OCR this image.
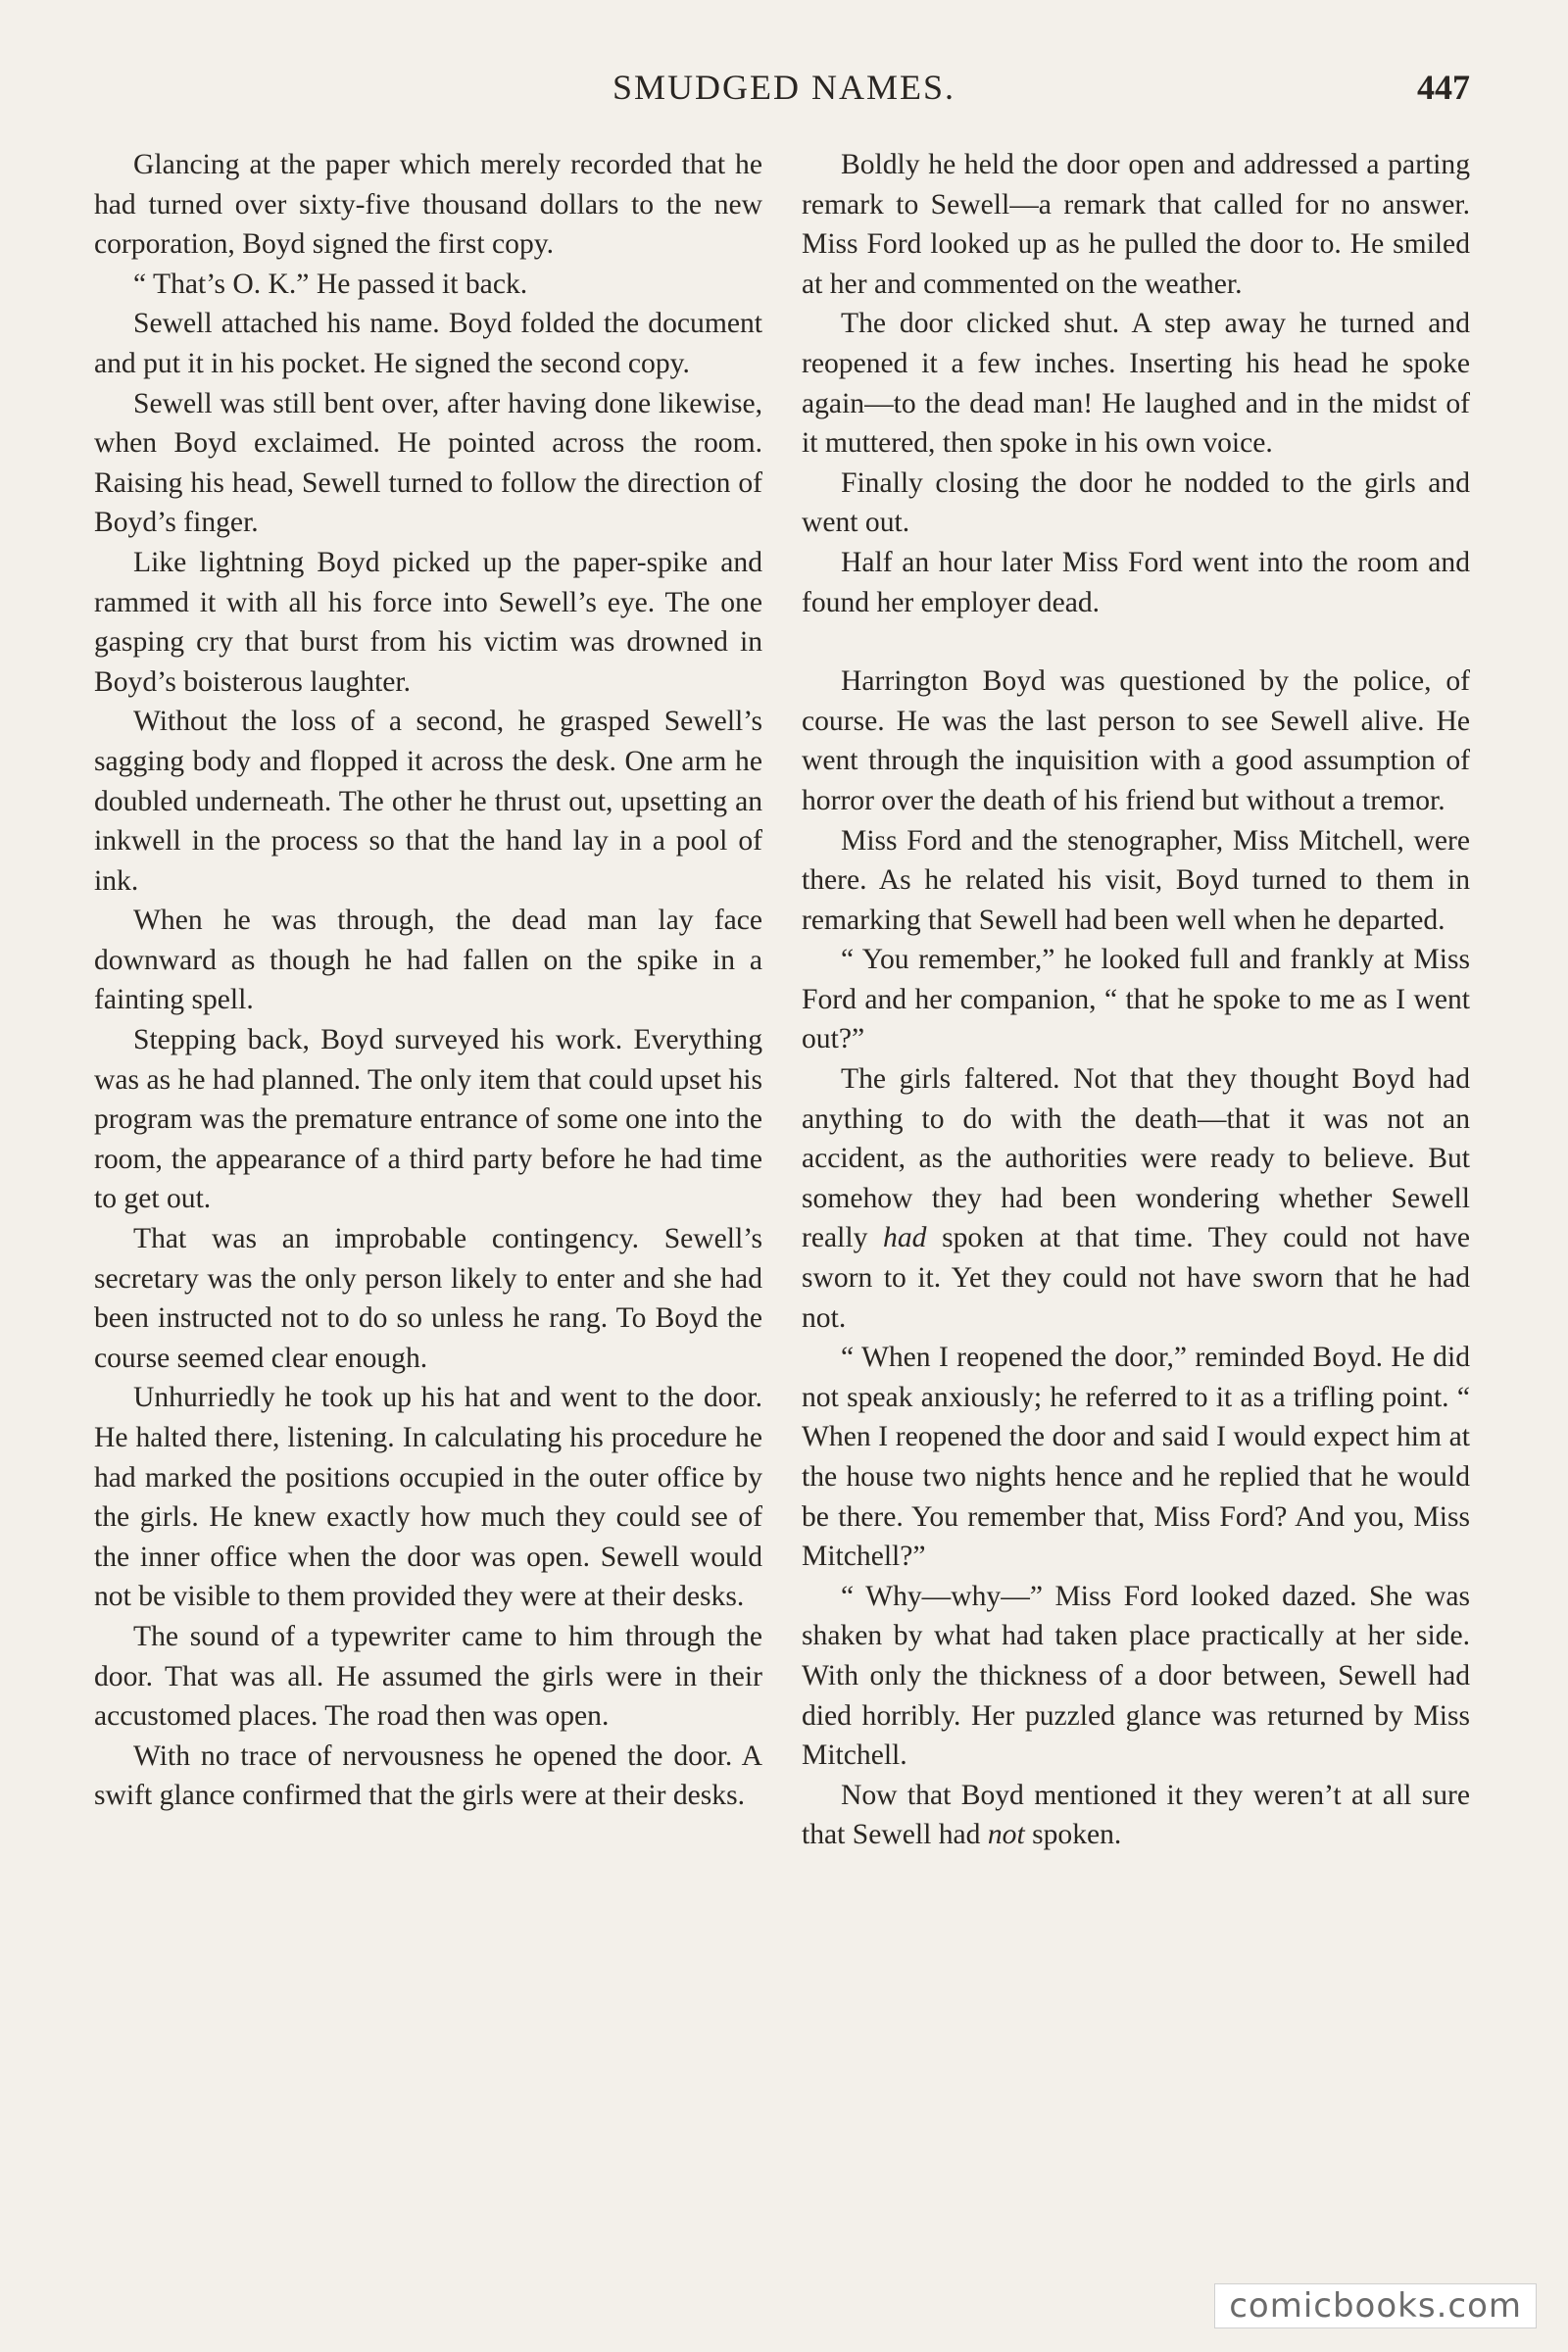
SMUDGED NAMES.	447

Glancing at the paper which merely recorded that he had turned over sixty-five thousand dollars to the new corporation, Boyd signed the first copy.

“ That’s O. K.” He passed it back.

Sewell attached his name. Boyd folded the document and put it in his pocket. He signed the second copy.

Sewell was still bent over, after having done likewise, when Boyd exclaimed. He pointed across the room. Raising his head, Sewell turned to follow the direction of Boyd’s finger.

Like lightning Boyd picked up the paper-spike and rammed it with all his force into Sewell’s eye. The one gasping cry that burst from his victim was drowned in Boyd’s boisterous laughter.

Without the loss of a second, he grasped Sewell’s sagging body and flopped it across the desk. One arm he doubled underneath. The other he thrust out, upsetting an inkwell in the process so that the hand lay in a pool of ink.

When he was through, the dead man lay face downward as though he had fallen on the spike in a fainting spell.

Stepping back, Boyd surveyed his work. Everything was as he had planned. The only item that could upset his program was the premature entrance of some one into the room, the appearance of a third party before he had time to get out.

That was an improbable contingency. Sewell’s secretary was the only person likely to enter and she had been instructed not to do so unless he rang. To Boyd the course seemed clear enough.

Unhurriedly he took up his hat and went to the door. He halted there, listening. In calculating his procedure he had marked the positions occupied in the outer office by the girls. He knew exactly how much they could see of the inner office when the door was open. Sewell would not be visible to them provided they were at their desks.

The sound of a typewriter came to him through the door. That was all. He assumed the girls were in their accustomed places. The road then was open.

With no trace of nervousness he opened the door. A swift glance confirmed that the girls were at their desks.

Boldly he held the door open and addressed a parting remark to Sewell—a remark that called for no answer. Miss Ford looked up as he pulled the door to. He smiled at her and commented on the weather.

The door clicked shut. A step away he turned and reopened it a few inches. Inserting his head he spoke again—to the dead man! He laughed and in the midst of it muttered, then spoke in his own voice.

Finally closing the door he nodded to the girls and went out.

Half an hour later Miss Ford went into the room and found her employer dead.

Harrington Boyd was questioned by the police, of course. He was the last person to see Sewell alive. He went through the inquisition with a good assumption of horror over the death of his friend but without a tremor.

Miss Ford and the stenographer, Miss Mitchell, were there. As he related his visit, Boyd turned to them in remarking that Sewell had been well when he departed.

“ You remember,” he looked full and frankly at Miss Ford and her companion, “ that he spoke to me as I went out?”

The girls faltered. Not that they thought Boyd had anything to do with the death—that it was not an accident, as the authorities were ready to believe. But somehow they had been wondering whether Sewell really had spoken at that time. They could not have sworn to it. Yet they could not have sworn that he had not.

“ When I reopened the door,” reminded Boyd. He did not speak anxiously; he referred to it as a trifling point. “ When I reopened the door and said I would expect him at the house two nights hence and he replied that he would be there. You remember that, Miss Ford? And you, Miss Mitchell?”

“ Why—why—” Miss Ford looked dazed. She was shaken by what had taken place practically at her side. With only the thickness of a door between, Sewell had died horribly. Her puzzled glance was returned by Miss Mitchell.

Now that Boyd mentioned it they weren’t at all sure that Sewell had not spoken.

comicbooks.com
